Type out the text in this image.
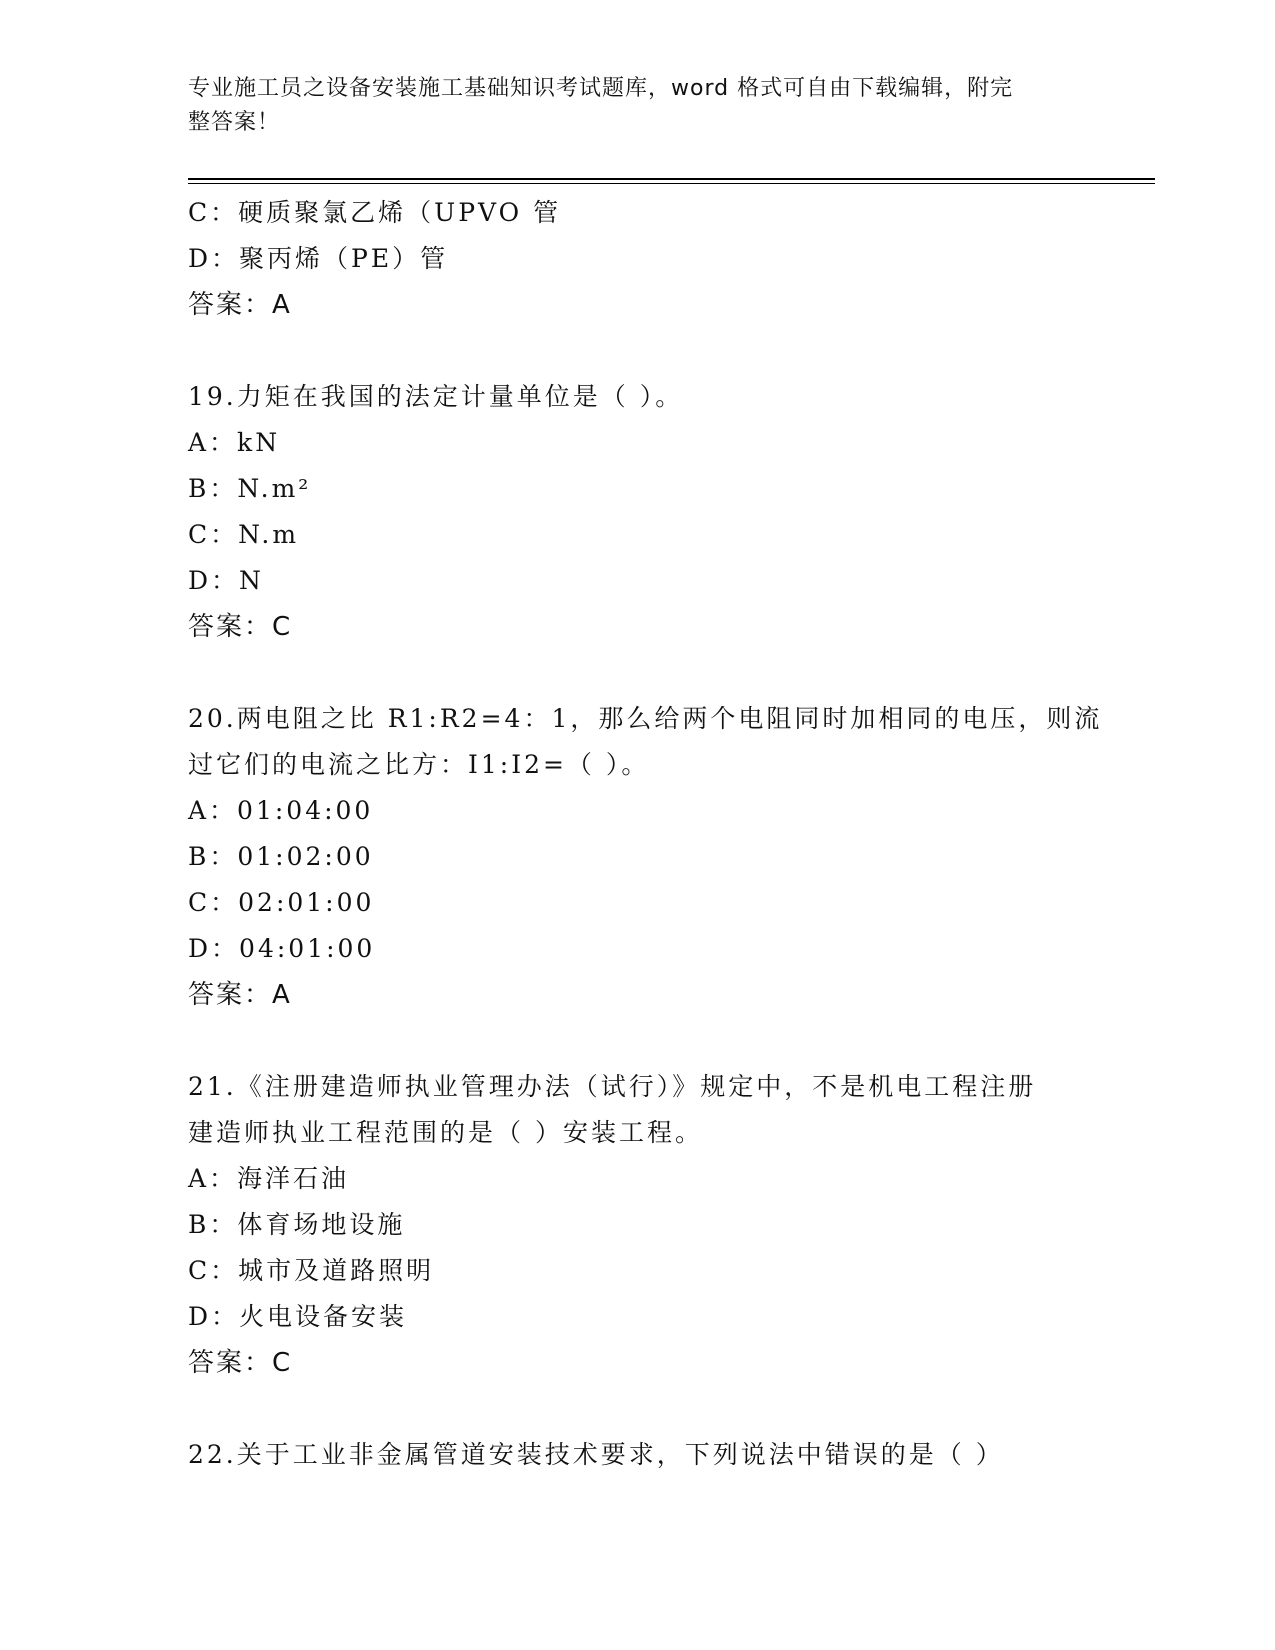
专业施工员之设备安装施工基础知识考试题库，word 格式可自由下载编辑，附完
整答案！
C：硬质聚氯乙烯（UPVO 管
D：聚丙烯（PE）管
答案：A
19.力矩在我国的法定计量单位是（ ）。
A：kN
B：N.m²
C：N.m
D：N
答案：C
20.两电阻之比 R1:R2=4：1，那么给两个电阻同时加相同的电压，则流
过它们的电流之比方：I1:I2=（ ）。
A：01:04:00
B：01:02:00
C：02:01:00
D：04:01:00
答案：A
21.《注册建造师执业管理办法（试行）》规定中，不是机电工程注册
建造师执业工程范围的是（ ）安装工程。
A：海洋石油
B：体育场地设施
C：城市及道路照明
D：火电设备安装
答案：C
22.关于工业非金属管道安装技术要求，下列说法中错误的是（ ）
